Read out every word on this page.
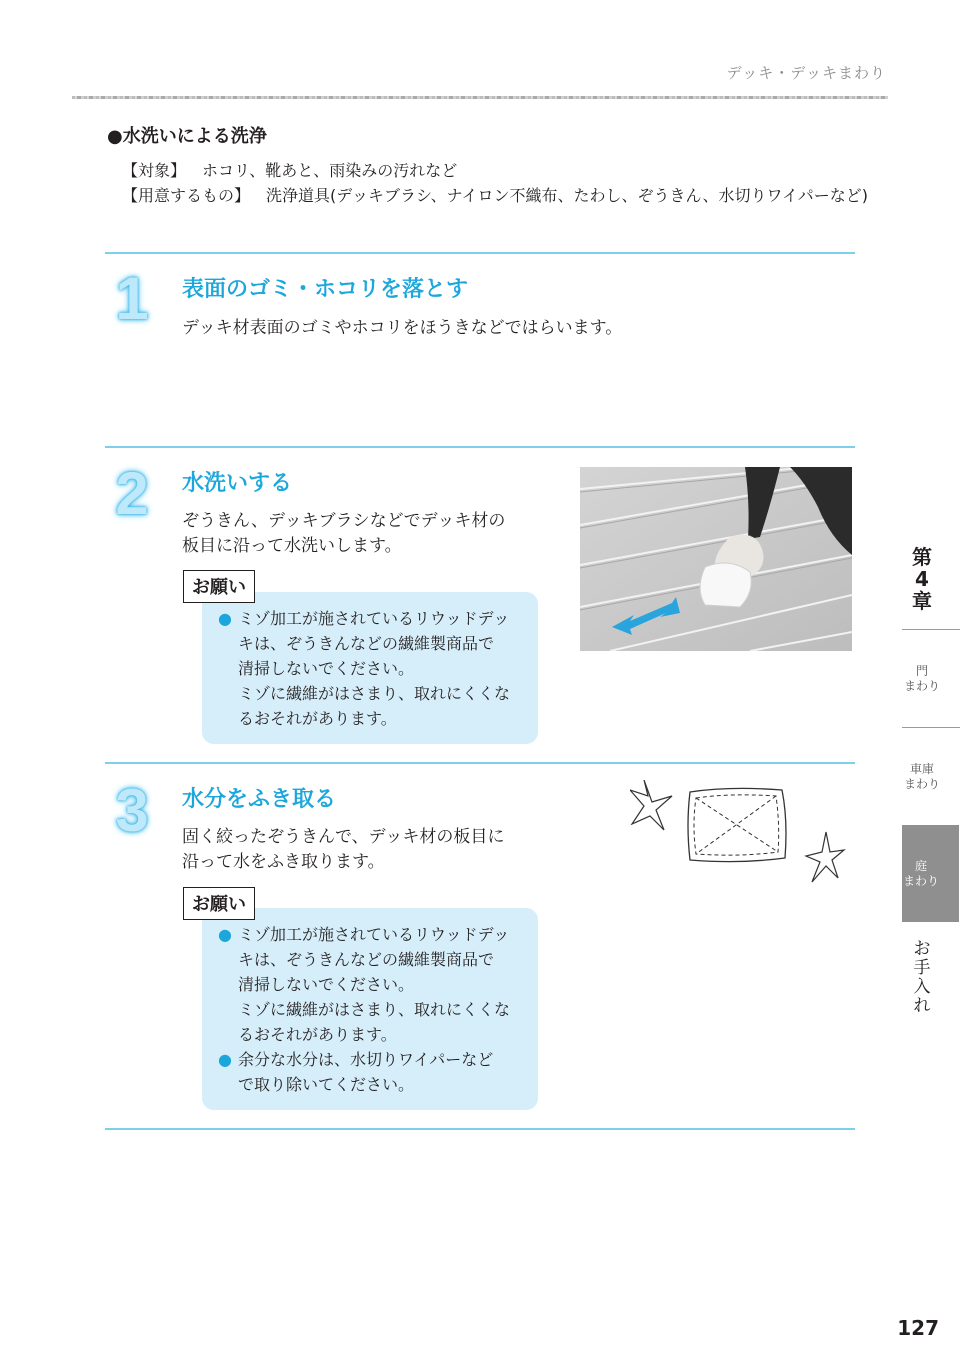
デッキ・デッキまわり
●水洗いによる洗浄
【対象】 ホコリ、靴あと、雨染みの汚れなど
【用意するもの】 洗浄道具(デッキブラシ、ナイロン不織布、たわし、ぞうきん、水切りワイパーなど)
1 表面のゴミ・ホコリを落とす
デッキ材表面のゴミやホコリをほうきなどではらいます。
2 水洗いする
ぞうきん、デッキブラシなどでデッキ材の
板目に沿って水洗いします。
お願い
● ミゾ加工が施されているリウッドデッ
キは、ぞうきんなどの繊維製商品で
清掃しないでください。
ミゾに繊維がはさまり、取れにくくな
るおそれがあります。
3 水分をふき取る
固く絞ったぞうきんで、デッキ材の板目に
沿って水をふき取ります。
お願い
● ミゾ加工が施されているリウッドデッ
キは、ぞうきんなどの繊維製商品で
清掃しないでください。
ミゾに繊維がはさまり、取れにくくな
るおそれがあります。
● 余分な水分は、水切りワイパーなど
で取り除いてください。
第
4
章
門
まわり
車庫
まわり
庭
まわり
お
手
入
れ
127
